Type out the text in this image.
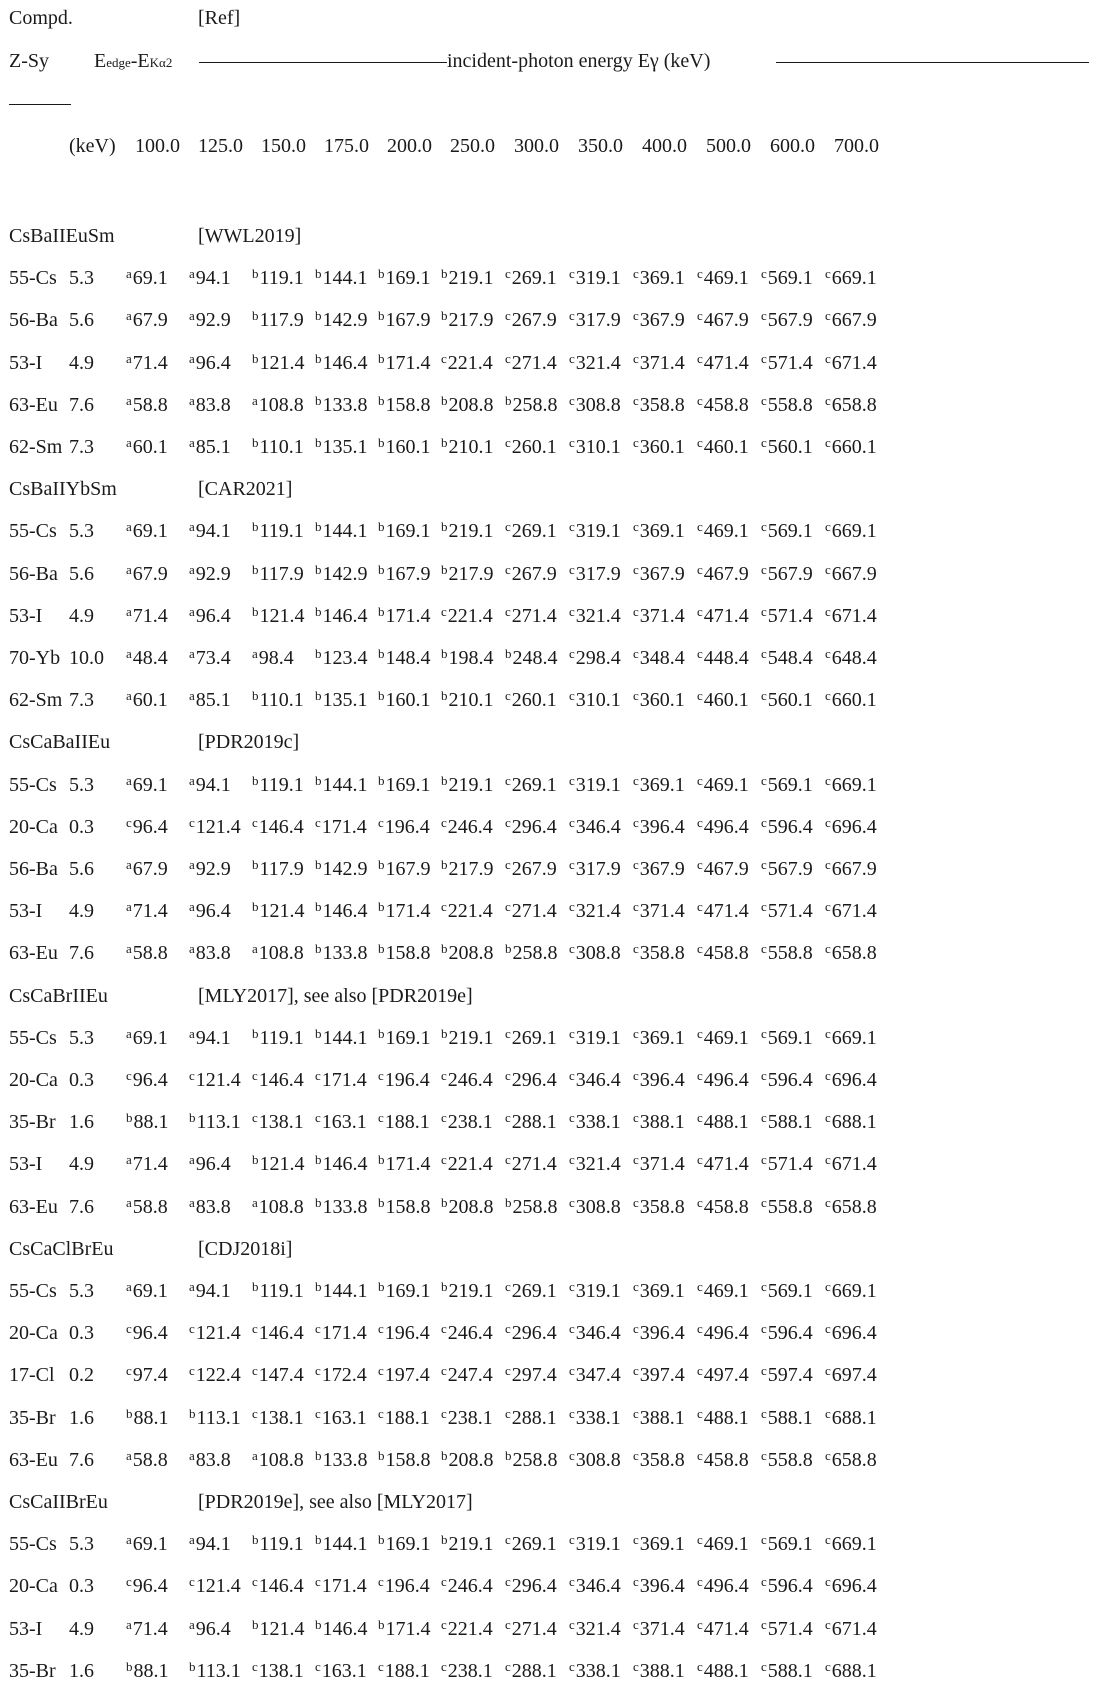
Compd.	[Ref]
Z-Sy Eedge-EKα2	incident-photon energy Eγ (keV)
(keV) 100.0 125.0 150.0 175.0 200.0 250.0 300.0 350.0 400.0 500.0 600.0 700.0
CsBaIIEuSm	[WWL2019]
55-Cs 5.3 $^a$69.1 $^a$94.1 $^b$119.1 $^b$144.1 $^b$169.1 $^b$219.1 $^c$269.1 $^c$319.1 $^c$369.1 $^c$469.1 $^c$569.1 $^c$669.1
56-Ba 5.6 $^a$67.9 $^a$92.9 $^b$117.9 $^b$142.9 $^b$167.9 $^b$217.9 $^c$267.9 $^c$317.9 $^c$367.9 $^c$467.9 $^c$567.9 $^c$667.9
53-I 4.9 $^a$71.4 $^a$96.4 $^b$121.4 $^b$146.4 $^b$171.4 $^c$221.4 $^c$271.4 $^c$321.4 $^c$371.4 $^c$471.4 $^c$571.4 $^c$671.4
63-Eu 7.6 $^a$58.8 $^a$83.8 $^a$108.8 $^b$133.8 $^b$158.8 $^b$208.8 $^b$258.8 $^c$308.8 $^c$358.8 $^c$458.8 $^c$558.8 $^c$658.8
62-Sm 7.3 $^a$60.1 $^a$85.1 $^b$110.1 $^b$135.1 $^b$160.1 $^b$210.1 $^c$260.1 $^c$310.1 $^c$360.1 $^c$460.1 $^c$560.1 $^c$660.1
CsBaIIYbSm	[CAR2021]
55-Cs 5.3 $^a$69.1 $^a$94.1 $^b$119.1 $^b$144.1 $^b$169.1 $^b$219.1 $^c$269.1 $^c$319.1 $^c$369.1 $^c$469.1 $^c$569.1 $^c$669.1
56-Ba 5.6 $^a$67.9 $^a$92.9 $^b$117.9 $^b$142.9 $^b$167.9 $^b$217.9 $^c$267.9 $^c$317.9 $^c$367.9 $^c$467.9 $^c$567.9 $^c$667.9
53-I 4.9 $^a$71.4 $^a$96.4 $^b$121.4 $^b$146.4 $^b$171.4 $^c$221.4 $^c$271.4 $^c$321.4 $^c$371.4 $^c$471.4 $^c$571.4 $^c$671.4
70-Yb 10.0 $^a$48.4 $^a$73.4 $^a$98.4 $^b$123.4 $^b$148.4 $^b$198.4 $^b$248.4 $^c$298.4 $^c$348.4 $^c$448.4 $^c$548.4 $^c$648.4
62-Sm 7.3 $^a$60.1 $^a$85.1 $^b$110.1 $^b$135.1 $^b$160.1 $^b$210.1 $^c$260.1 $^c$310.1 $^c$360.1 $^c$460.1 $^c$560.1 $^c$660.1
CsCaBaIIEu	[PDR2019c]
55-Cs 5.3 $^a$69.1 $^a$94.1 $^b$119.1 $^b$144.1 $^b$169.1 $^b$219.1 $^c$269.1 $^c$319.1 $^c$369.1 $^c$469.1 $^c$569.1 $^c$669.1
20-Ca 0.3 $^c$96.4 $^c$121.4 $^c$146.4 $^c$171.4 $^c$196.4 $^c$246.4 $^c$296.4 $^c$346.4 $^c$396.4 $^c$496.4 $^c$596.4 $^c$696.4
56-Ba 5.6 $^a$67.9 $^a$92.9 $^b$117.9 $^b$142.9 $^b$167.9 $^b$217.9 $^c$267.9 $^c$317.9 $^c$367.9 $^c$467.9 $^c$567.9 $^c$667.9
53-I 4.9 $^a$71.4 $^a$96.4 $^b$121.4 $^b$146.4 $^b$171.4 $^c$221.4 $^c$271.4 $^c$321.4 $^c$371.4 $^c$471.4 $^c$571.4 $^c$671.4
63-Eu 7.6 $^a$58.8 $^a$83.8 $^a$108.8 $^b$133.8 $^b$158.8 $^b$208.8 $^b$258.8 $^c$308.8 $^c$358.8 $^c$458.8 $^c$558.8 $^c$658.8
CsCaBrIIEu	[MLY2017], see also [PDR2019e]
55-Cs 5.3 $^a$69.1 $^a$94.1 $^b$119.1 $^b$144.1 $^b$169.1 $^b$219.1 $^c$269.1 $^c$319.1 $^c$369.1 $^c$469.1 $^c$569.1 $^c$669.1
20-Ca 0.3 $^c$96.4 $^c$121.4 $^c$146.4 $^c$171.4 $^c$196.4 $^c$246.4 $^c$296.4 $^c$346.4 $^c$396.4 $^c$496.4 $^c$596.4 $^c$696.4
35-Br 1.6 $^b$88.1 $^b$113.1 $^c$138.1 $^c$163.1 $^c$188.1 $^c$238.1 $^c$288.1 $^c$338.1 $^c$388.1 $^c$488.1 $^c$588.1 $^c$688.1
53-I 4.9 $^a$71.4 $^a$96.4 $^b$121.4 $^b$146.4 $^b$171.4 $^c$221.4 $^c$271.4 $^c$321.4 $^c$371.4 $^c$471.4 $^c$571.4 $^c$671.4
63-Eu 7.6 $^a$58.8 $^a$83.8 $^a$108.8 $^b$133.8 $^b$158.8 $^b$208.8 $^b$258.8 $^c$308.8 $^c$358.8 $^c$458.8 $^c$558.8 $^c$658.8
CsCaClBrEu	[CDJ2018i]
55-Cs 5.3 $^a$69.1 $^a$94.1 $^b$119.1 $^b$144.1 $^b$169.1 $^b$219.1 $^c$269.1 $^c$319.1 $^c$369.1 $^c$469.1 $^c$569.1 $^c$669.1
20-Ca 0.3 $^c$96.4 $^c$121.4 $^c$146.4 $^c$171.4 $^c$196.4 $^c$246.4 $^c$296.4 $^c$346.4 $^c$396.4 $^c$496.4 $^c$596.4 $^c$696.4
17-Cl 0.2 $^c$97.4 $^c$122.4 $^c$147.4 $^c$172.4 $^c$197.4 $^c$247.4 $^c$297.4 $^c$347.4 $^c$397.4 $^c$497.4 $^c$597.4 $^c$697.4
35-Br 1.6 $^b$88.1 $^b$113.1 $^c$138.1 $^c$163.1 $^c$188.1 $^c$238.1 $^c$288.1 $^c$338.1 $^c$388.1 $^c$488.1 $^c$588.1 $^c$688.1
63-Eu 7.6 $^a$58.8 $^a$83.8 $^a$108.8 $^b$133.8 $^b$158.8 $^b$208.8 $^b$258.8 $^c$308.8 $^c$358.8 $^c$458.8 $^c$558.8 $^c$658.8
CsCaIIBrEu	[PDR2019e], see also [MLY2017]
55-Cs 5.3 $^a$69.1 $^a$94.1 $^b$119.1 $^b$144.1 $^b$169.1 $^b$219.1 $^c$269.1 $^c$319.1 $^c$369.1 $^c$469.1 $^c$569.1 $^c$669.1
20-Ca 0.3 $^c$96.4 $^c$121.4 $^c$146.4 $^c$171.4 $^c$196.4 $^c$246.4 $^c$296.4 $^c$346.4 $^c$396.4 $^c$496.4 $^c$596.4 $^c$696.4
53-I 4.9 $^a$71.4 $^a$96.4 $^b$121.4 $^b$146.4 $^b$171.4 $^c$221.4 $^c$271.4 $^c$321.4 $^c$371.4 $^c$471.4 $^c$571.4 $^c$671.4
35-Br 1.6 $^b$88.1 $^b$113.1 $^c$138.1 $^c$163.1 $^c$188.1 $^c$238.1 $^c$288.1 $^c$338.1 $^c$388.1 $^c$488.1 $^c$588.1 $^c$688.1
